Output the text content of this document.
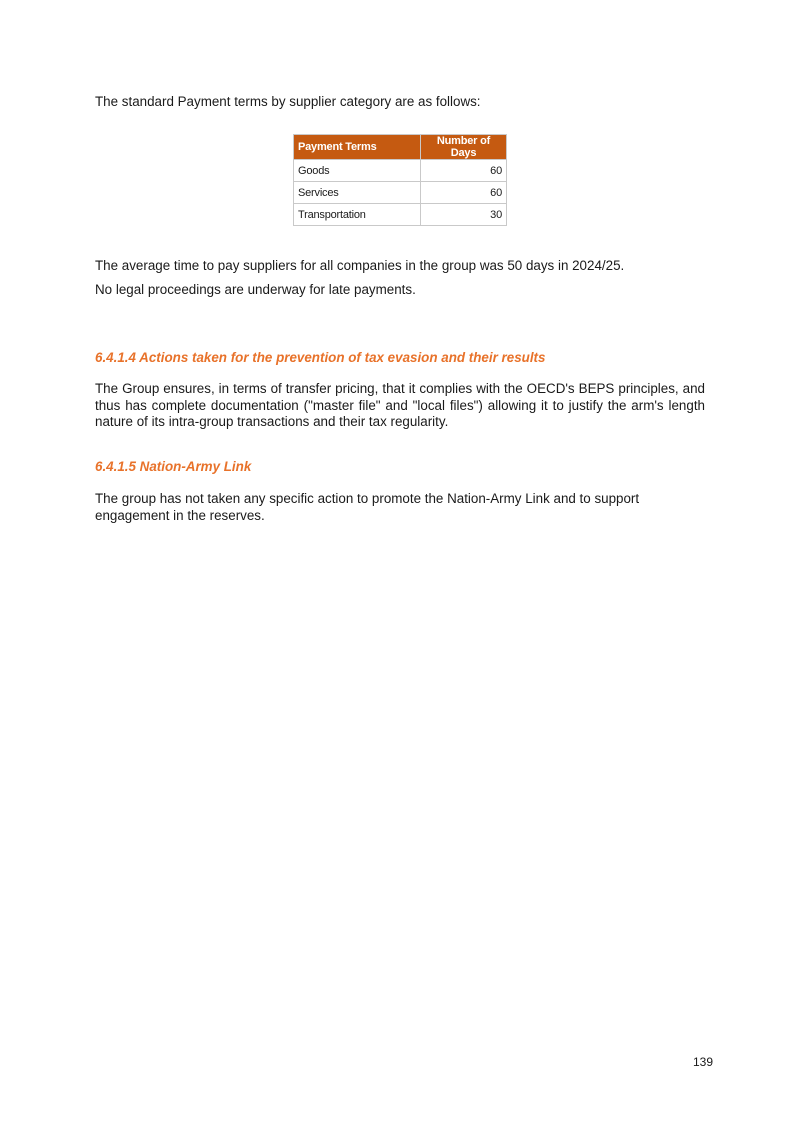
The standard Payment terms by supplier category are as follows:

The average time to pay suppliers for all companies in the group was 50 days in 2024/25.

No legal proceedings are underway for late payments.

6.4.1.4 Actions taken for the prevention of tax evasion and their results

The Group ensures, in terms of transfer pricing, that it complies with the OECD's BEPS principles, and thus has complete documentation ("master file" and "local files") allowing it to justify the arm's length nature of its intra-group transactions and their tax regularity.

6.4.1.5 Nation-Army Link

The group has not taken any specific action to promote the Nation-Army Link and to support engagement in the reserves.

Payment Terms	Number of Days
Goods	60
Services	60
Transportation	30
139
